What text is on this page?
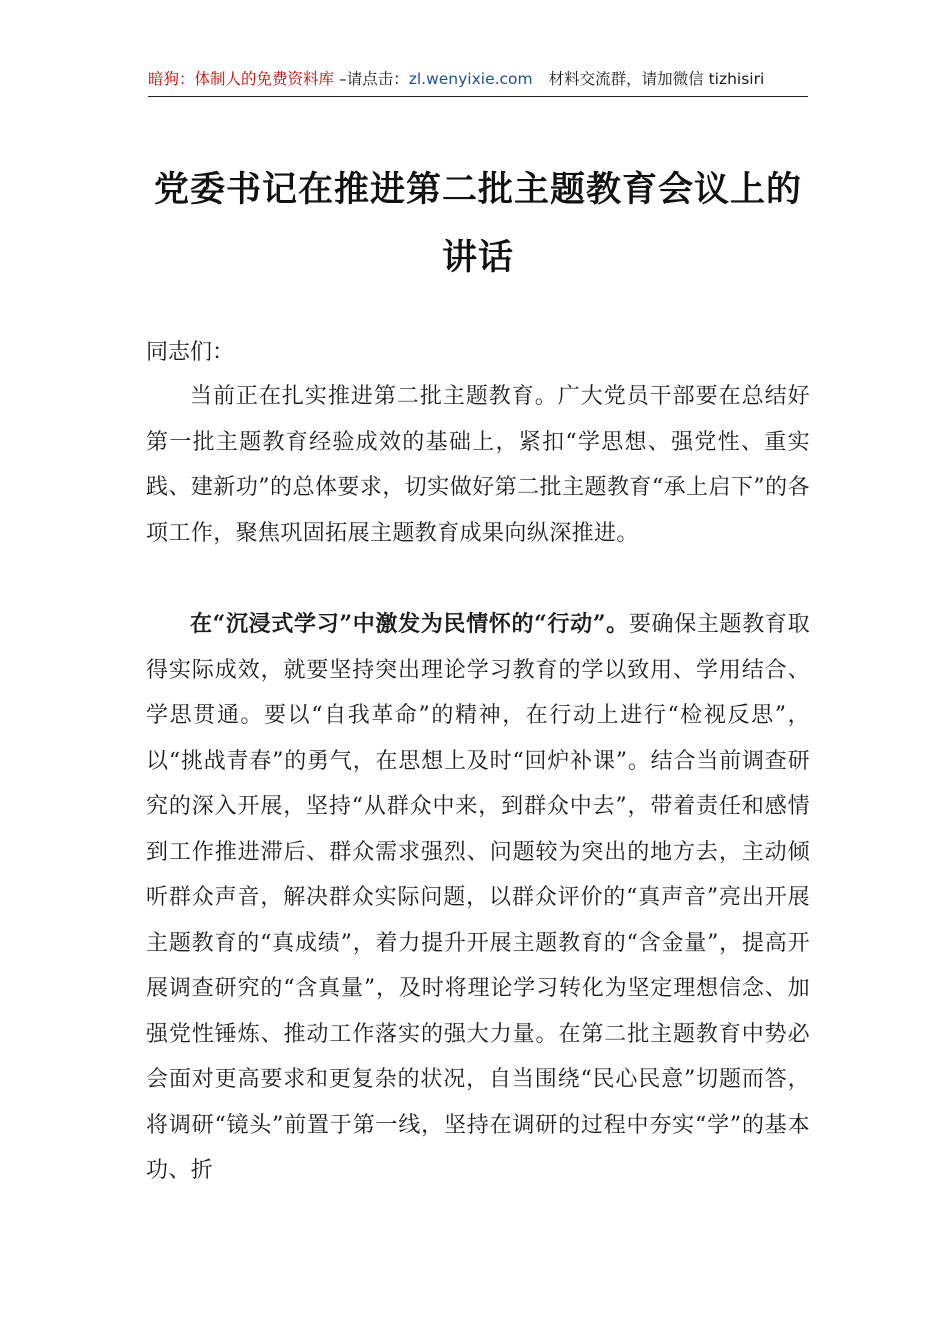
暗狗：体制人的免费资料库 –请点击：zl.wenyixie.com 材料交流群，请加微信 tizhisiri
党委书记在推进第二批主题教育会议上的
讲话
同志们：

当前正在扎实推进第二批主题教育。广大党员干部要在总结好第一批主题教育经验成效的基础上，紧扣“学思想、强党性、重实践、建新功”的总体要求，切实做好第二批主题教育“承上启下”的各项工作，聚焦巩固拓展主题教育成果向纵深推进。

在“沉浸式学习”中激发为民情怀的“行动”。要确保主题教育取得实际成效，就要坚持突出理论学习教育的学以致用、学用结合、学思贯通。要以“自我革命”的精神，在行动上进行“检视反思”，以“挑战青春”的勇气，在思想上及时“回炉补课”。结合当前调查研究的深入开展，坚持“从群众中来，到群众中去”，带着责任和感情到工作推进滞后、群众需求强烈、问题较为突出的地方去，主动倾听群众声音，解决群众实际问题，以群众评价的“真声音”亮出开展主题教育的“真成绩”，着力提升开展主题教育的“含金量”，提高开展调查研究的“含真量”，及时将理论学习转化为坚定理想信念、加强党性锤炼、推动工作落实的强大力量。在第二批主题教育中势必会面对更高要求和更复杂的状况，自当围绕“民心民意”切题而答，将调研“镜头”前置于第一线，坚持在调研的过程中夯实“学”的基本功、折
